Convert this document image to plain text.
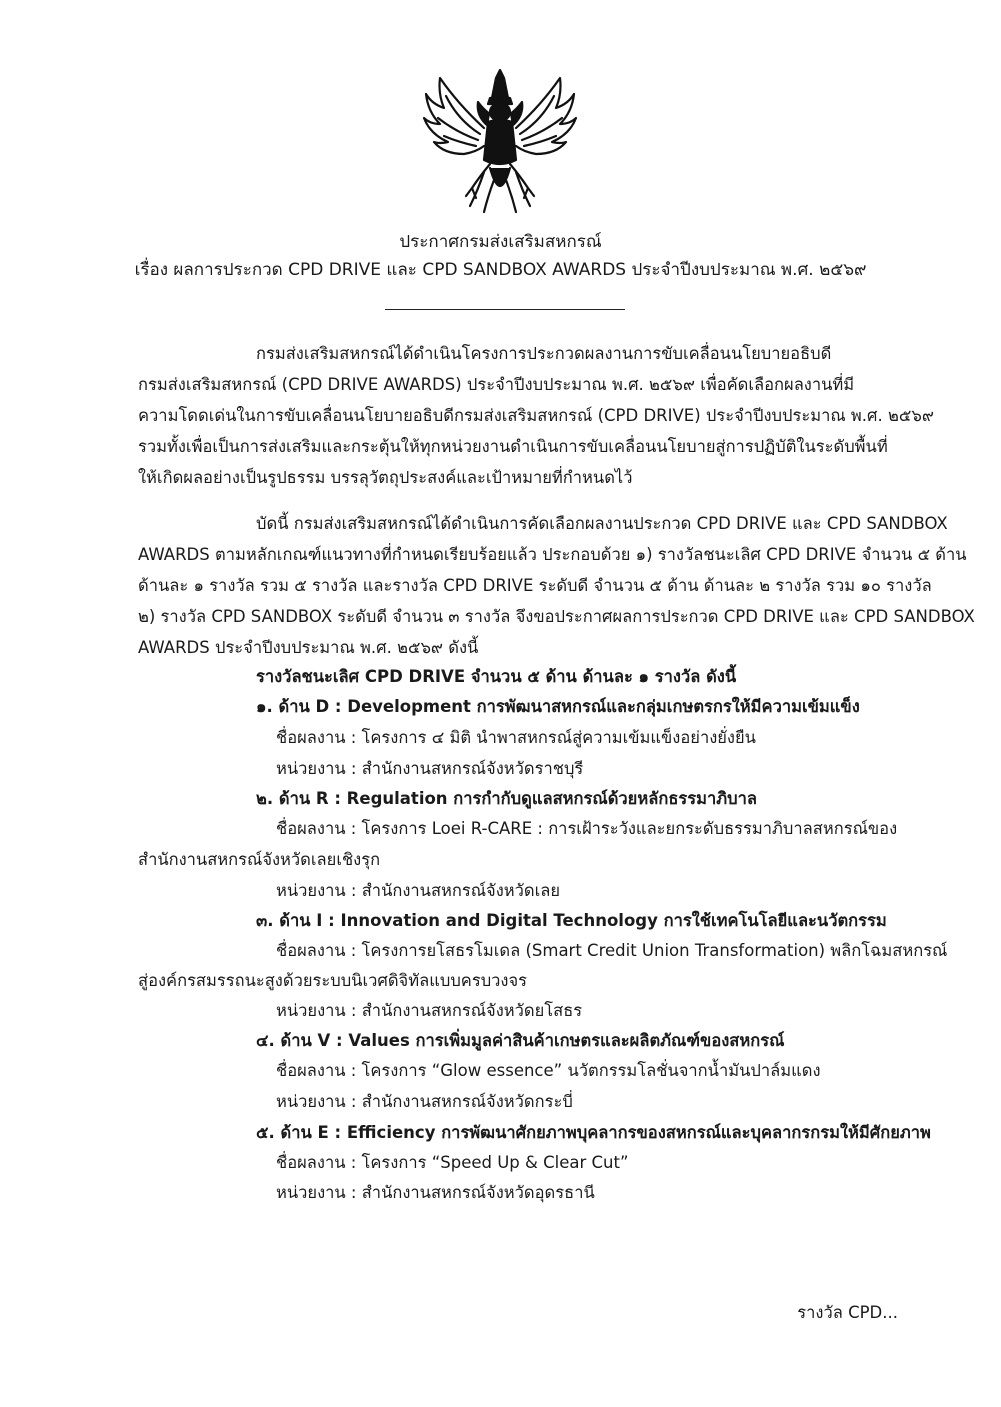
ประกาศกรมส่งเสริมสหกรณ์
เรื่อง ผลการประกวด CPD DRIVE และ CPD SANDBOX AWARDS ประจำปีงบประมาณ พ.ศ. ๒๕๖๙

กรมส่งเสริมสหกรณ์ได้ดำเนินโครงการประกวดผลงานการขับเคลื่อนนโยบายอธิบดี

กรมส่งเสริมสหกรณ์ (CPD DRIVE AWARDS) ประจำปีงบประมาณ พ.ศ. ๒๕๖๙ เพื่อคัดเลือกผลงานที่มี

ความโดดเด่นในการขับเคลื่อนนโยบายอธิบดีกรมส่งเสริมสหกรณ์ (CPD DRIVE) ประจำปีงบประมาณ พ.ศ. ๒๕๖๙

รวมทั้งเพื่อเป็นการส่งเสริมและกระตุ้นให้ทุกหน่วยงานดำเนินการขับเคลื่อนนโยบายสู่การปฏิบัติในระดับพื้นที่

ให้เกิดผลอย่างเป็นรูปธรรม บรรลุวัตถุประสงค์และเป้าหมายที่กำหนดไว้

บัดนี้ กรมส่งเสริมสหกรณ์ได้ดำเนินการคัดเลือกผลงานประกวด CPD DRIVE และ CPD SANDBOX

AWARDS ตามหลักเกณฑ์แนวทางที่กำหนดเรียบร้อยแล้ว ประกอบด้วย ๑) รางวัลชนะเลิศ CPD DRIVE จำนวน ๕ ด้าน

ด้านละ ๑ รางวัล รวม ๕ รางวัล และรางวัล CPD DRIVE ระดับดี จำนวน ๕ ด้าน ด้านละ ๒ รางวัล รวม ๑๐ รางวัล

๒) รางวัล CPD SANDBOX ระดับดี จำนวน ๓ รางวัล จึงขอประกาศผลการประกวด CPD DRIVE และ CPD SANDBOX

AWARDS ประจำปีงบประมาณ พ.ศ. ๒๕๖๙ ดังนี้

รางวัลชนะเลิศ CPD DRIVE จำนวน ๕ ด้าน ด้านละ ๑ รางวัล ดังนี้
๑. ด้าน D : Development การพัฒนาสหกรณ์และกลุ่มเกษตรกรให้มีความเข้มแข็ง
ชื่อผลงาน : โครงการ ๔ มิติ นำพาสหกรณ์สู่ความเข้มแข็งอย่างยั่งยืน
หน่วยงาน : สำนักงานสหกรณ์จังหวัดราชบุรี
๒. ด้าน R : Regulation การกำกับดูแลสหกรณ์ด้วยหลักธรรมาภิบาล
ชื่อผลงาน : โครงการ Loei R-CARE : การเฝ้าระวังและยกระดับธรรมาภิบาลสหกรณ์ของ
สำนักงานสหกรณ์จังหวัดเลยเชิงรุก
หน่วยงาน : สำนักงานสหกรณ์จังหวัดเลย
๓. ด้าน I : Innovation and Digital Technology การใช้เทคโนโลยีและนวัตกรรม
ชื่อผลงาน : โครงการยโสธรโมเดล (Smart Credit Union Transformation) พลิกโฉมสหกรณ์
สู่องค์กรสมรรถนะสูงด้วยระบบนิเวศดิจิทัลแบบครบวงจร
หน่วยงาน : สำนักงานสหกรณ์จังหวัดยโสธร
๔. ด้าน V : Values การเพิ่มมูลค่าสินค้าเกษตรและผลิตภัณฑ์ของสหกรณ์
ชื่อผลงาน : โครงการ “Glow essence” นวัตกรรมโลชั่นจากน้ำมันปาล์มแดง
หน่วยงาน : สำนักงานสหกรณ์จังหวัดกระบี่
๕. ด้าน E : Efficiency การพัฒนาศักยภาพบุคลากรของสหกรณ์และบุคลากรกรมให้มีศักยภาพ
ชื่อผลงาน : โครงการ “Speed Up & Clear Cut”
หน่วยงาน : สำนักงานสหกรณ์จังหวัดอุดรธานี
รางวัล CPD...
